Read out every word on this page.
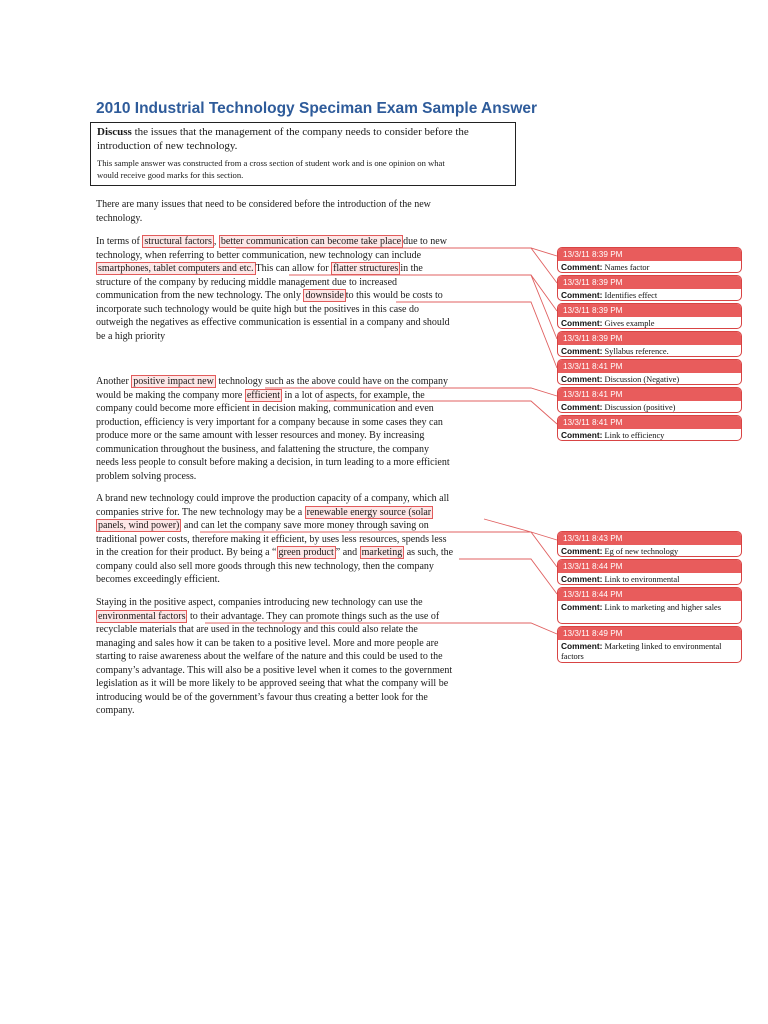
2010 Industrial Technology Speciman Exam Sample Answer
Discuss the issues that the management of the company needs to consider before the
introduction of new technology.
This sample answer was constructed from a cross section of student work and is one opinion on what
would receive good marks for this section.
There are many issues that need to be considered before the introduction of the new
technology.
In terms of structural factors , better communication can become take place due to new
technology, when referring to better communication, new technology can include
smartphones, tablet computers and etc. This can allow for flatter structures in the
structure of the company by reducing middle management due to increased
communication from the new technology. The only downside to this would be costs to
incorporate such technology would be quite high but the positives in this case do
outweigh the negatives as effective communication is essential in a company and should
be a high priority
Another positive impact new technology such as the above could have on the company
would be making the company more efficient in a lot of aspects, for example, the
company could become more efficient in decision making, communication and even
production, efficiency is very important for a company because in some cases they can
produce more or the same amount with lesser resources and money. By increasing
communication throughout the business, and falattening the structure, the company
needs less people to consult before making a decision, in turn leading to a more efficient
problem solving process.
A brand new technology could improve the production capacity of a company, which all
companies strive for. The new technology may be a renewable energy source (solar
panels, wind power) and can let the company save more money through saving on
traditional power costs, therefore making it efficient, by uses less resources, spends less
in the creation for their product. By being a “ green product ” and marketing as such, the
company could also sell more goods through this new technology, then the company
becomes exceedingly efficient.
Staying in the positive aspect, companies introducing new technology can use the
environmental factors to their advantage. They can promote things such as the use of
recyclable materials that are used in the technology and this could also relate the
managing and sales how it can be taken to a positive level. More and more people are
starting to raise awareness about the welfare of the nature and this could be used to the
company’s advantage. This will also be a positive level when it comes to the government
legislation as it will be more likely to be approved seeing that what the company will be
introducing would be of the government’s favour thus creating a better look for the
company.
13/3/11 8:39 PM
Comment: Names factor
13/3/11 8:39 PM
Comment: Identifies effect
13/3/11 8:39 PM
Comment: Gives example
13/3/11 8:39 PM
Comment: Syllabus reference.
13/3/11 8:41 PM
Comment: Discussion (Negative)
13/3/11 8:41 PM
Comment: Discussion (positive)
13/3/11 8:41 PM
Comment: Link to efficiency
13/3/11 8:43 PM
Comment: Eg of new technology
13/3/11 8:44 PM
Comment: Link to environmental
13/3/11 8:44 PM
Comment: Link to marketing and higher sales
13/3/11 8:49 PM
Comment: Marketing linked to environmental factors
